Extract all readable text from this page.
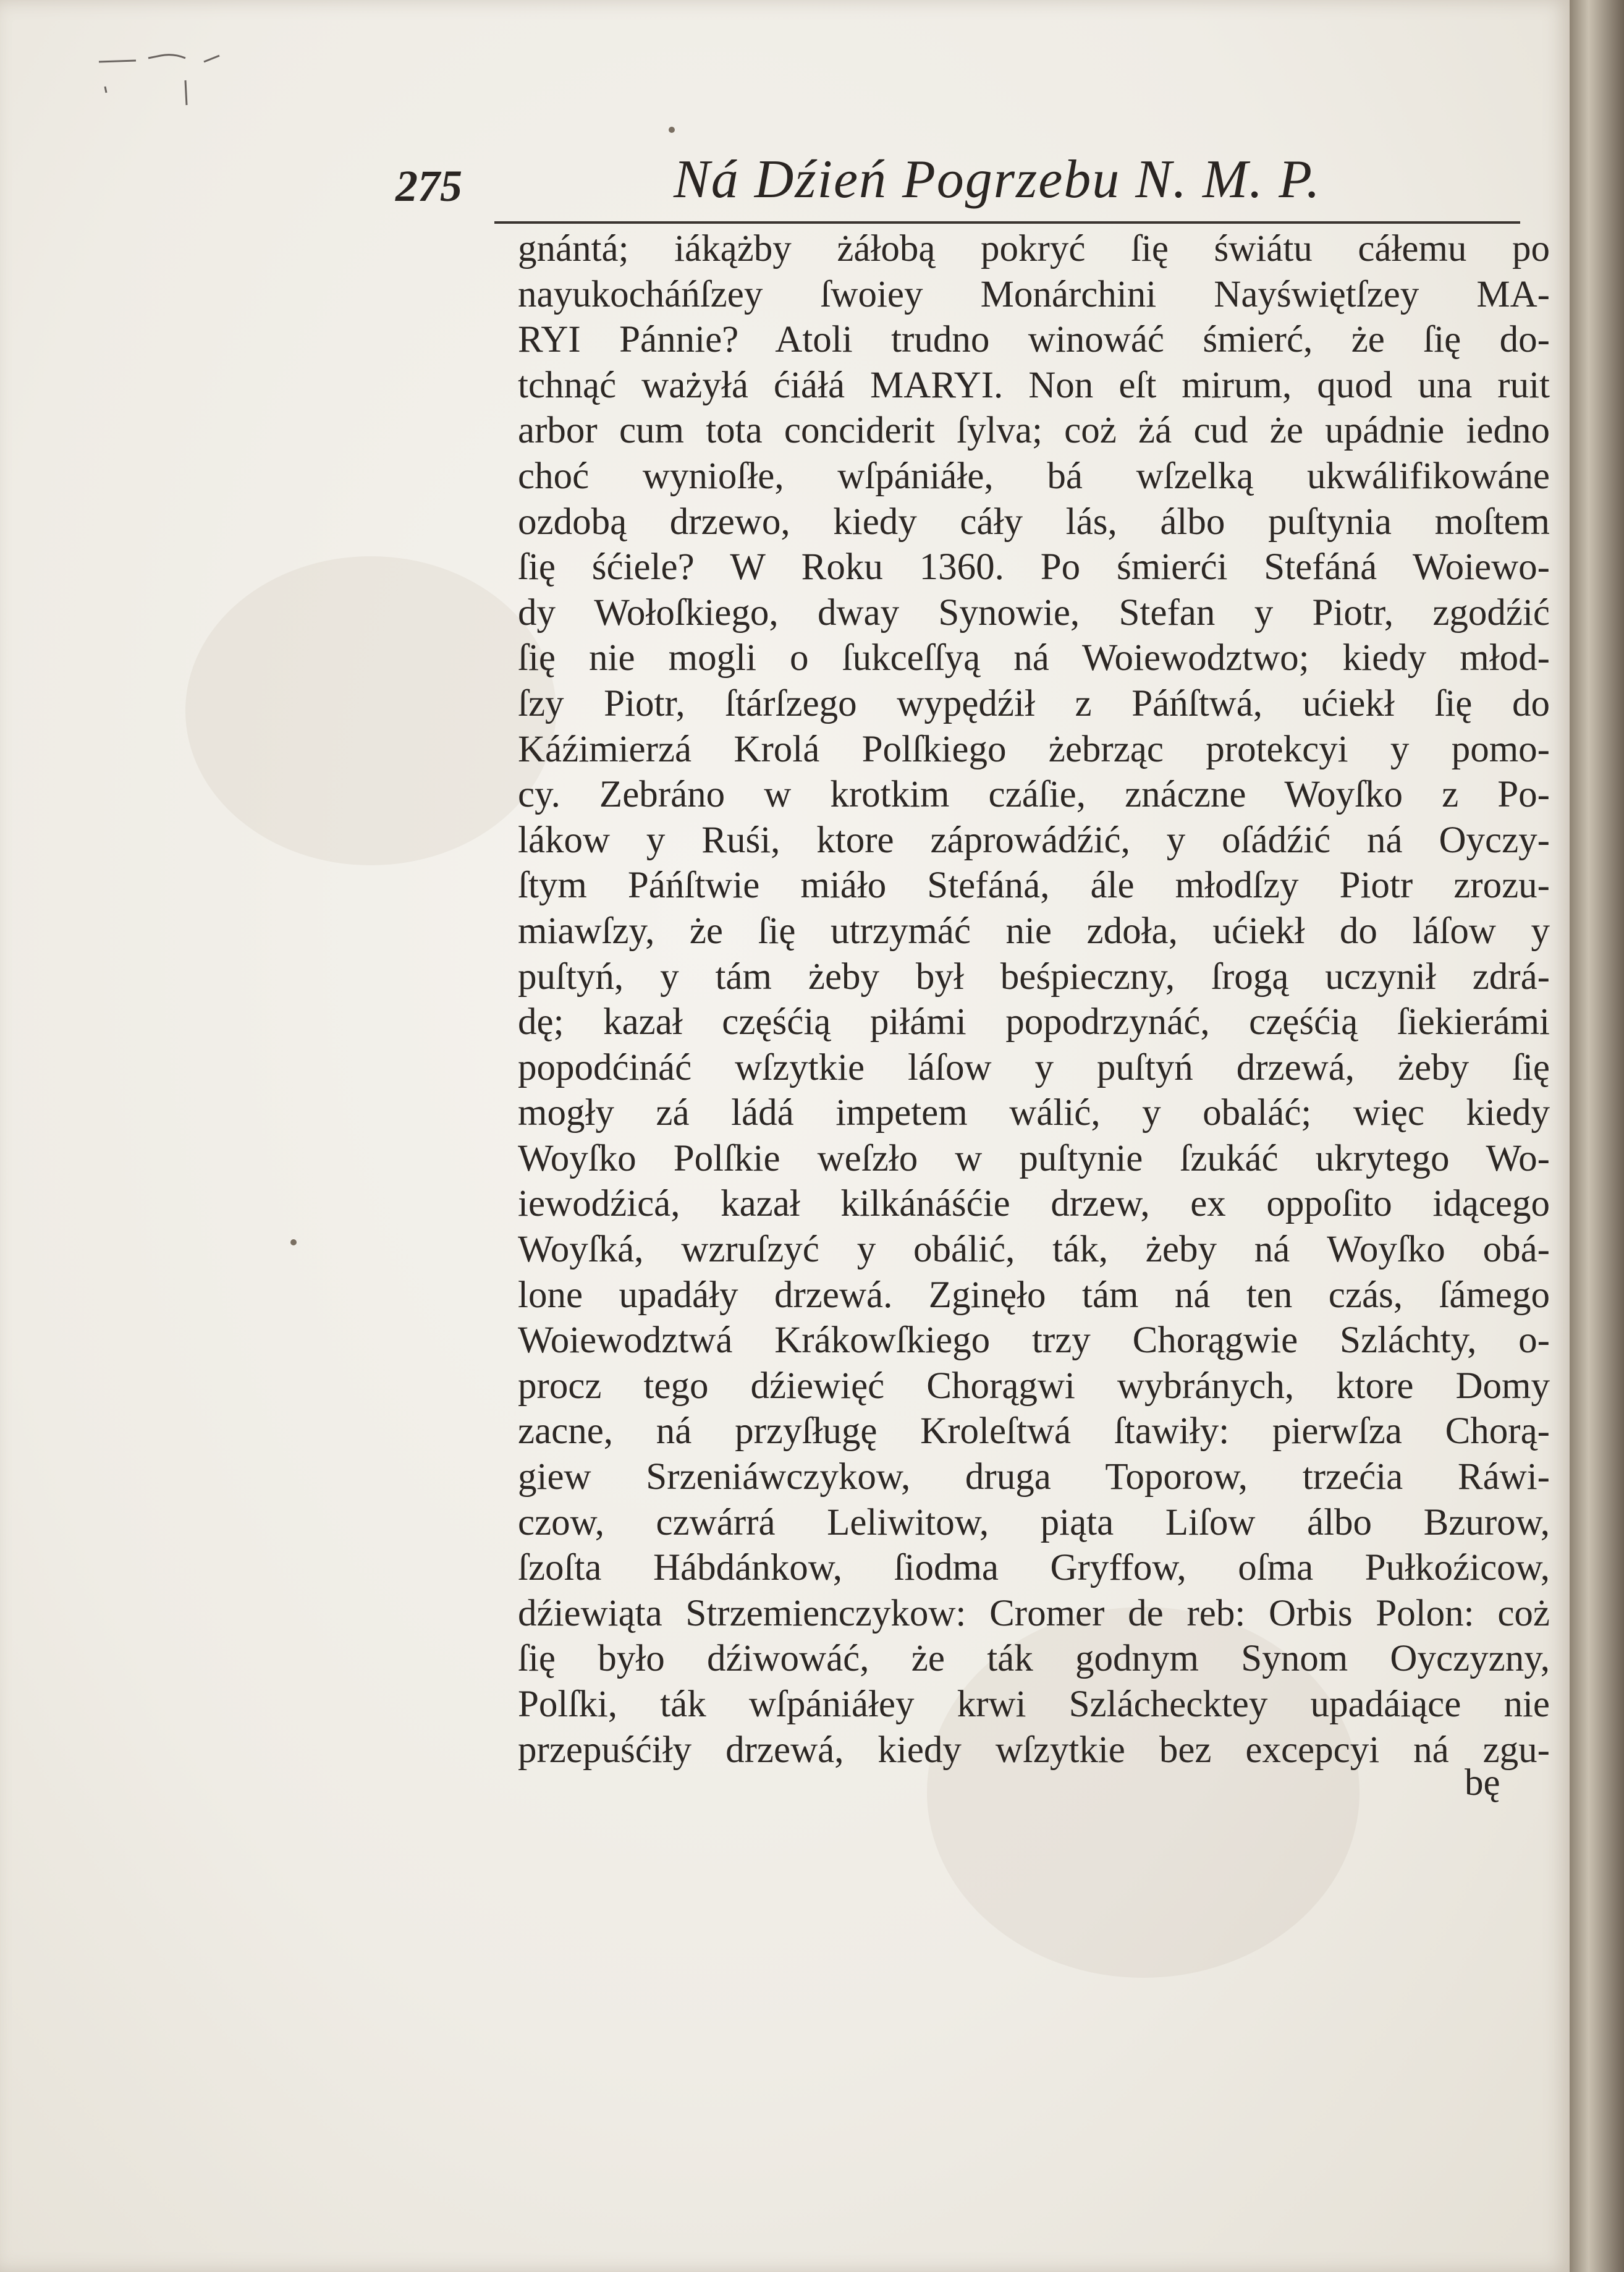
275	Ná Dźień Pogrzebu N. M. P.
gnántá; iákążby żáłobą pokryć ſię świátu cáłemu po
nayukocháńſzey ſwoiey Monárchini Nayświętſzey MA-
RYI Pánnie? Atoli trudno winowáć śmierć, że ſię do-
tchnąć ważyłá ćiáłá MARYI. Non eſt mirum, quod una ruit
arbor cum tota conciderit ſylva; coż żá cud że upádnie iedno
choć wynioſłe, wſpániáłe, bá wſzelką ukwálifikowáne
ozdobą drzewo, kiedy cáły lás, álbo puſtynia moſtem
ſię śćiele? W Roku 1360. Po śmierći Stefáná Woiewo-
dy Wołoſkiego, dway Synowie, Stefan y Piotr, zgodźić
ſię nie mogli o ſukceſſyą ná Woiewodztwo; kiedy młod-
ſzy Piotr, ſtárſzego wypędźił z Páńſtwá, ućiekł ſię do
Káźimierzá Krolá Polſkiego żebrząc protekcyi y pomo-
cy. Zebráno w krotkim czáſie, znáczne Woyſko z Po-
lákow y Ruśi, ktore záprowádźić, y oſádźić ná Oyczy-
ſtym Páńſtwie miáło Stefáná, ále młodſzy Piotr zrozu-
miawſzy, że ſię utrzymáć nie zdoła, ućiekł do láſow y
puſtyń, y tám żeby był beśpieczny, ſrogą uczynił zdrá-
dę; kazał częśćią piłámi popodrzynáć, częśćią ſiekierámi
popodćináć wſzytkie láſow y puſtyń drzewá, żeby ſię
mogły zá ládá impetem wálić, y obaláć; więc kiedy
Woyſko Polſkie weſzło w puſtynie ſzukáć ukrytego Wo-
iewodźicá, kazał kilkánáśćie drzew, ex oppoſito idącego
Woyſká, wzruſzyć y obálić, ták, żeby ná Woyſko obá-
lone upadáły drzewá. Zginęło tám ná ten czás, ſámego
Woiewodztwá Krákowſkiego trzy Chorągwie Szláchty, o-
procz tego dźiewięć Chorągwi wybránych, ktore Domy
zacne, ná przyſługę Kroleſtwá ſtawiły: pierwſza Chorą-
giew Srzeniáwczykow, druga Toporow, trzećia Ráwi-
czow, czwárrá Leliwitow, piąta Liſow álbo Bzurow,
ſzoſta Hábdánkow, ſiodma Gryffow, oſma Pułkoźicow,
dźiewiąta Strzemienczykow: Cromer de reb: Orbis Polon: coż
ſię było dźiwowáć, że ták godnym Synom Oyczyzny,
Polſki, ták wſpániáłey krwi Szláchecktey upadáiące nie
przepuśćiły drzewá, kiedy wſzytkie bez excepcyi ná zgu-
bę
